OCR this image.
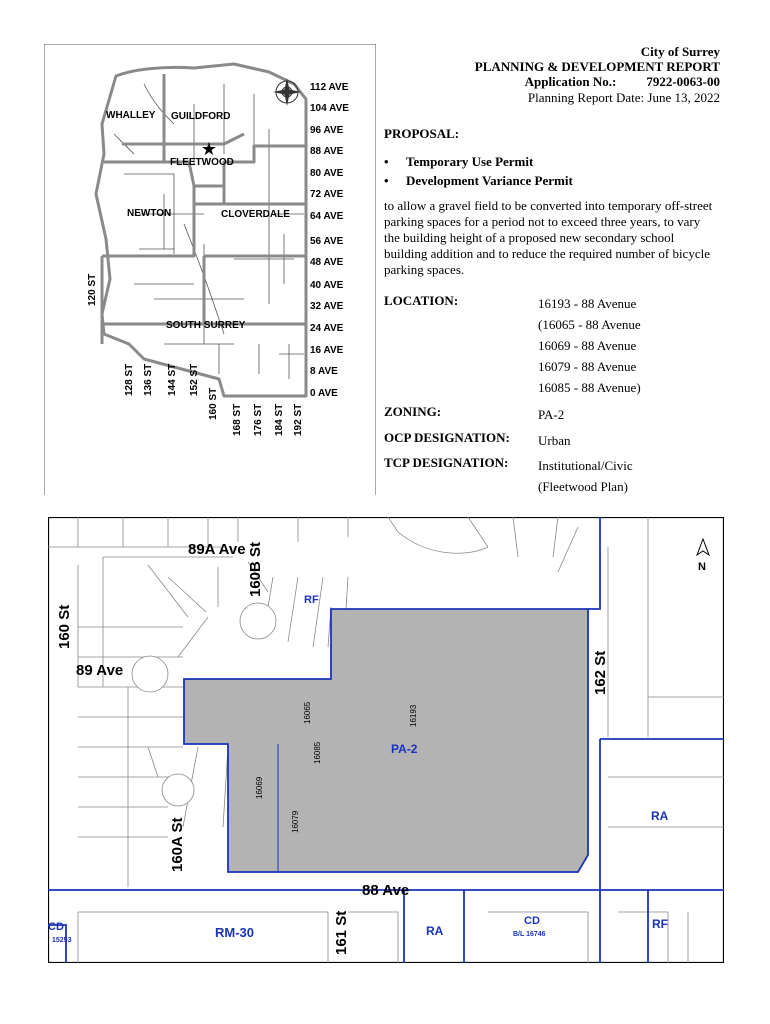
★
WHALLEY GUILDFORD
FLEETWOOD
NEWTON	CLOVERDALE
SOUTH SURREY
112 AVE
104 AVE
96 AVE
88 AVE
80 AVE
72 AVE
64 AVE
56 AVE
48 AVE
40 AVE
32 AVE
24 AVE
16 AVE
8 AVE
0 AVE
120 ST
128 ST 136 ST 144 ST 152 ST
160 ST 168 ST 176 ST 184 ST 192 ST
City of Surrey
PLANNING & DEVELOPMENT REPORT
Application No.: 7922-0063-00
Planning Report Date: June 13, 2022
PROPOSAL:
•	Temporary Use Permit
•	Development Variance Permit
to allow a gravel field to be converted into temporary off-street parking spaces for a period not to exceed three years, to vary the building height of a proposed new secondary school building addition and to reduce the required number of bicycle parking spaces.
LOCATION:	16193 - 88 Avenue
(16065 - 88 Avenue
16069 - 88 Avenue
16079 - 88 Avenue
16085 - 88 Avenue)
ZONING:	PA-2
OCP DESIGNATION: Urban
TCP DESIGNATION: Institutional/Civic
(Fleetwood Plan)
N
89A Ave 160B St
160 St
89 Ave	162 St
160A St
88 Ave
161 St
RF
PA-2
RA
CD
15253
RM-30	RA
CD
B/L 16746
RF
16065
16085
16069
16079
16193
